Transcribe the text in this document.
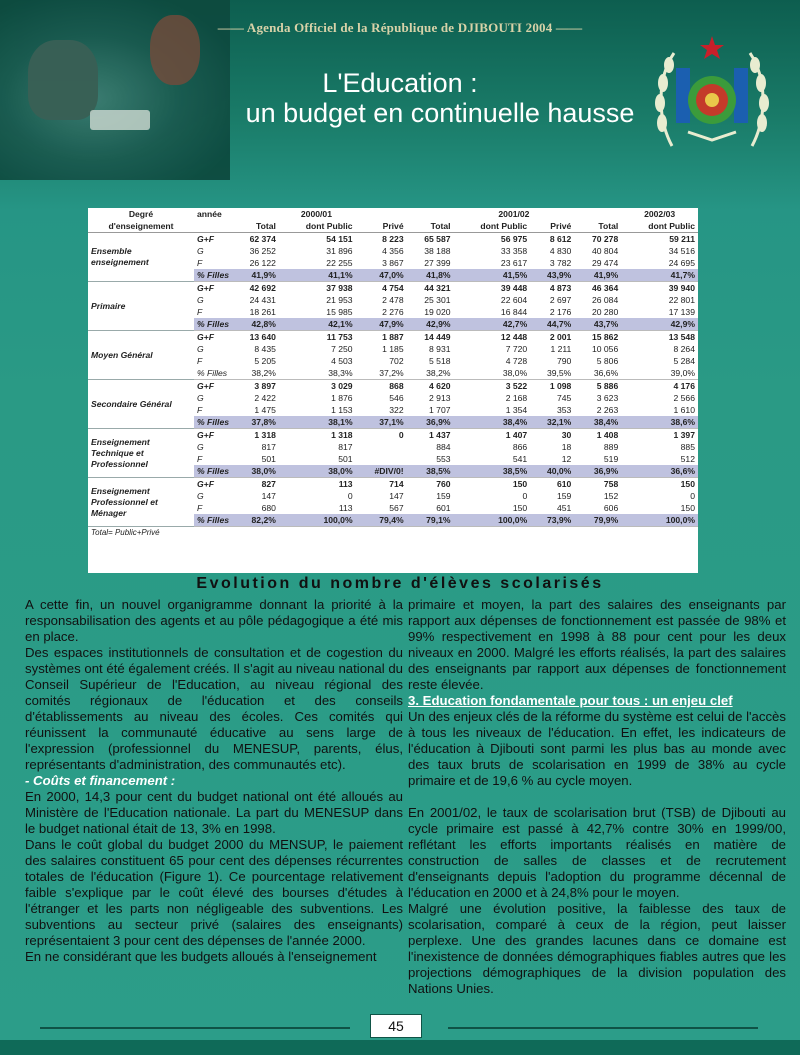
—— Agenda Officiel de la République de DJIBOUTI 2004 ——
L'Education :
un budget en continuelle hausse
Degré	année		2000/01			2001/02			2002/03
d'enseignement		Total	dont Public	Privé	Total	dont Public	Privé	Total	dont Public
Ensemble enseignement	G+F	62 374	54 151	8 223	65 587	56 975	8 612	70 278	59 211
	G	36 252	31 896	4 356	38 188	33 358	4 830	40 804	34 516
	F	26 122	22 255	3 867	27 399	23 617	3 782	29 474	24 695
	% Filles	41,9%	41,1%	47,0%	41,8%	41,5%	43,9%	41,9%	41,7%
Primaire	G+F	42 692	37 938	4 754	44 321	39 448	4 873	46 364	39 940
	G	24 431	21 953	2 478	25 301	22 604	2 697	26 084	22 801
	F	18 261	15 985	2 276	19 020	16 844	2 176	20 280	17 139
	% Filles	42,8%	42,1%	47,9%	42,9%	42,7%	44,7%	43,7%	42,9%
Moyen Général	G+F	13 640	11 753	1 887	14 449	12 448	2 001	15 862	13 548
	G	8 435	7 250	1 185	8 931	7 720	1 211	10 056	8 264
	F	5 205	4 503	702	5 518	4 728	790	5 806	5 284
	% Filles	38,2%	38,3%	37,2%	38,2%	38,0%	39,5%	36,6%	39,0%
Secondaire Général	G+F	3 897	3 029	868	4 620	3 522	1 098	5 886	4 176
	G	2 422	1 876	546	2 913	2 168	745	3 623	2 566
	F	1 475	1 153	322	1 707	1 354	353	2 263	1 610
	% Filles	37,8%	38,1%	37,1%	36,9%	38,4%	32,1%	38,4%	38,6%
Enseignement Technique et Professionnel	G+F	1 318	1 318	0	1 437	1 407	30	1 408	1 397
	G	817	817		884	866	18	889	885
	F	501	501		553	541	12	519	512
	% Filles	38,0%	38,0%	#DIV/0!	38,5%	38,5%	40,0%	36,9%	36,6%
Enseignement Professionnel et Ménager	G+F	827	113	714	760	150	610	758	150
	G	147	0	147	159	0	159	152	0
	F	680	113	567	601	150	451	606	150
	% Filles	82,2%	100,0%	79,4%	79,1%	100,0%	73,9%	79,9%	100,0%
Total= Public+Privé									
Evolution du nombre d'élèves scolarisés

A cette fin, un nouvel organigramme donnant la priorité à la responsabilisation des agents et au pôle pédagogique a été mis en place.

Des espaces institutionnels de consultation et de cogestion du systèmes ont été également créés. Il s'agit au niveau national du Conseil Supérieur de l'Education, au niveau régional des comités régionaux de l'éducation et des conseils d'établissements au niveau des écoles. Ces comités qui réunissent la communauté éducative au sens large de l'expression (professionnel du MENESUP, parents, élus, représentants d'administration, des communautés etc).

- Coûts et financement :

En 2000, 14,3 pour cent du budget national ont été alloués au Ministère de l'Education nationale. La part du MENESUP dans le budget national était de 13, 3% en 1998.

Dans le coût global du budget 2000 du MENSUP, le paiement des salaires constituent 65 pour cent des dépenses récurrentes totales de l'éducation (Figure 1). Ce pourcentage relativement faible s'explique par le coût élevé des bourses d'études à l'étranger et les parts non négligeable des subventions. Les subventions au secteur privé (salaires des enseignants) représentaient 3 pour cent des dépenses de l'année 2000.

En ne considérant que les budgets alloués à l'enseignement

primaire et moyen, la part des salaires des enseignants par rapport aux dépenses de fonctionnement est passée de 98% et 99% respectivement en 1998 à 88 pour cent pour les deux niveaux en 2000. Malgré les efforts réalisés, la part des salaires des enseignants par rapport aux dépenses de fonctionnement reste élevée.

3. Education fondamentale pour tous : un enjeu clef

Un des enjeux clés de la réforme du système est celui de l'accès à tous les niveaux de l'éducation. En effet, les indicateurs de l'éducation à Djibouti sont parmi les plus bas au monde avec des taux bruts de scolarisation en 1999 de 38% au cycle primaire et de 19,6 % au cycle moyen.

En 2001/02, le taux de scolarisation brut (TSB) de Djibouti au cycle primaire est passé à 42,7% contre 30% en 1999/00, reflétant les efforts importants réalisés en matière de construction de salles de classes et de recrutement d'enseignants depuis l'adoption du programme décennal de l'éducation en 2000 et à 24,8% pour le moyen.

Malgré une évolution positive, la faiblesse des taux de scolarisation, comparé à ceux de la région, peut laisser perplexe. Une des grandes lacunes dans ce domaine est l'inexistence de données démographiques fiables autres que les projections démographiques de la division population des Nations Unies.

45
